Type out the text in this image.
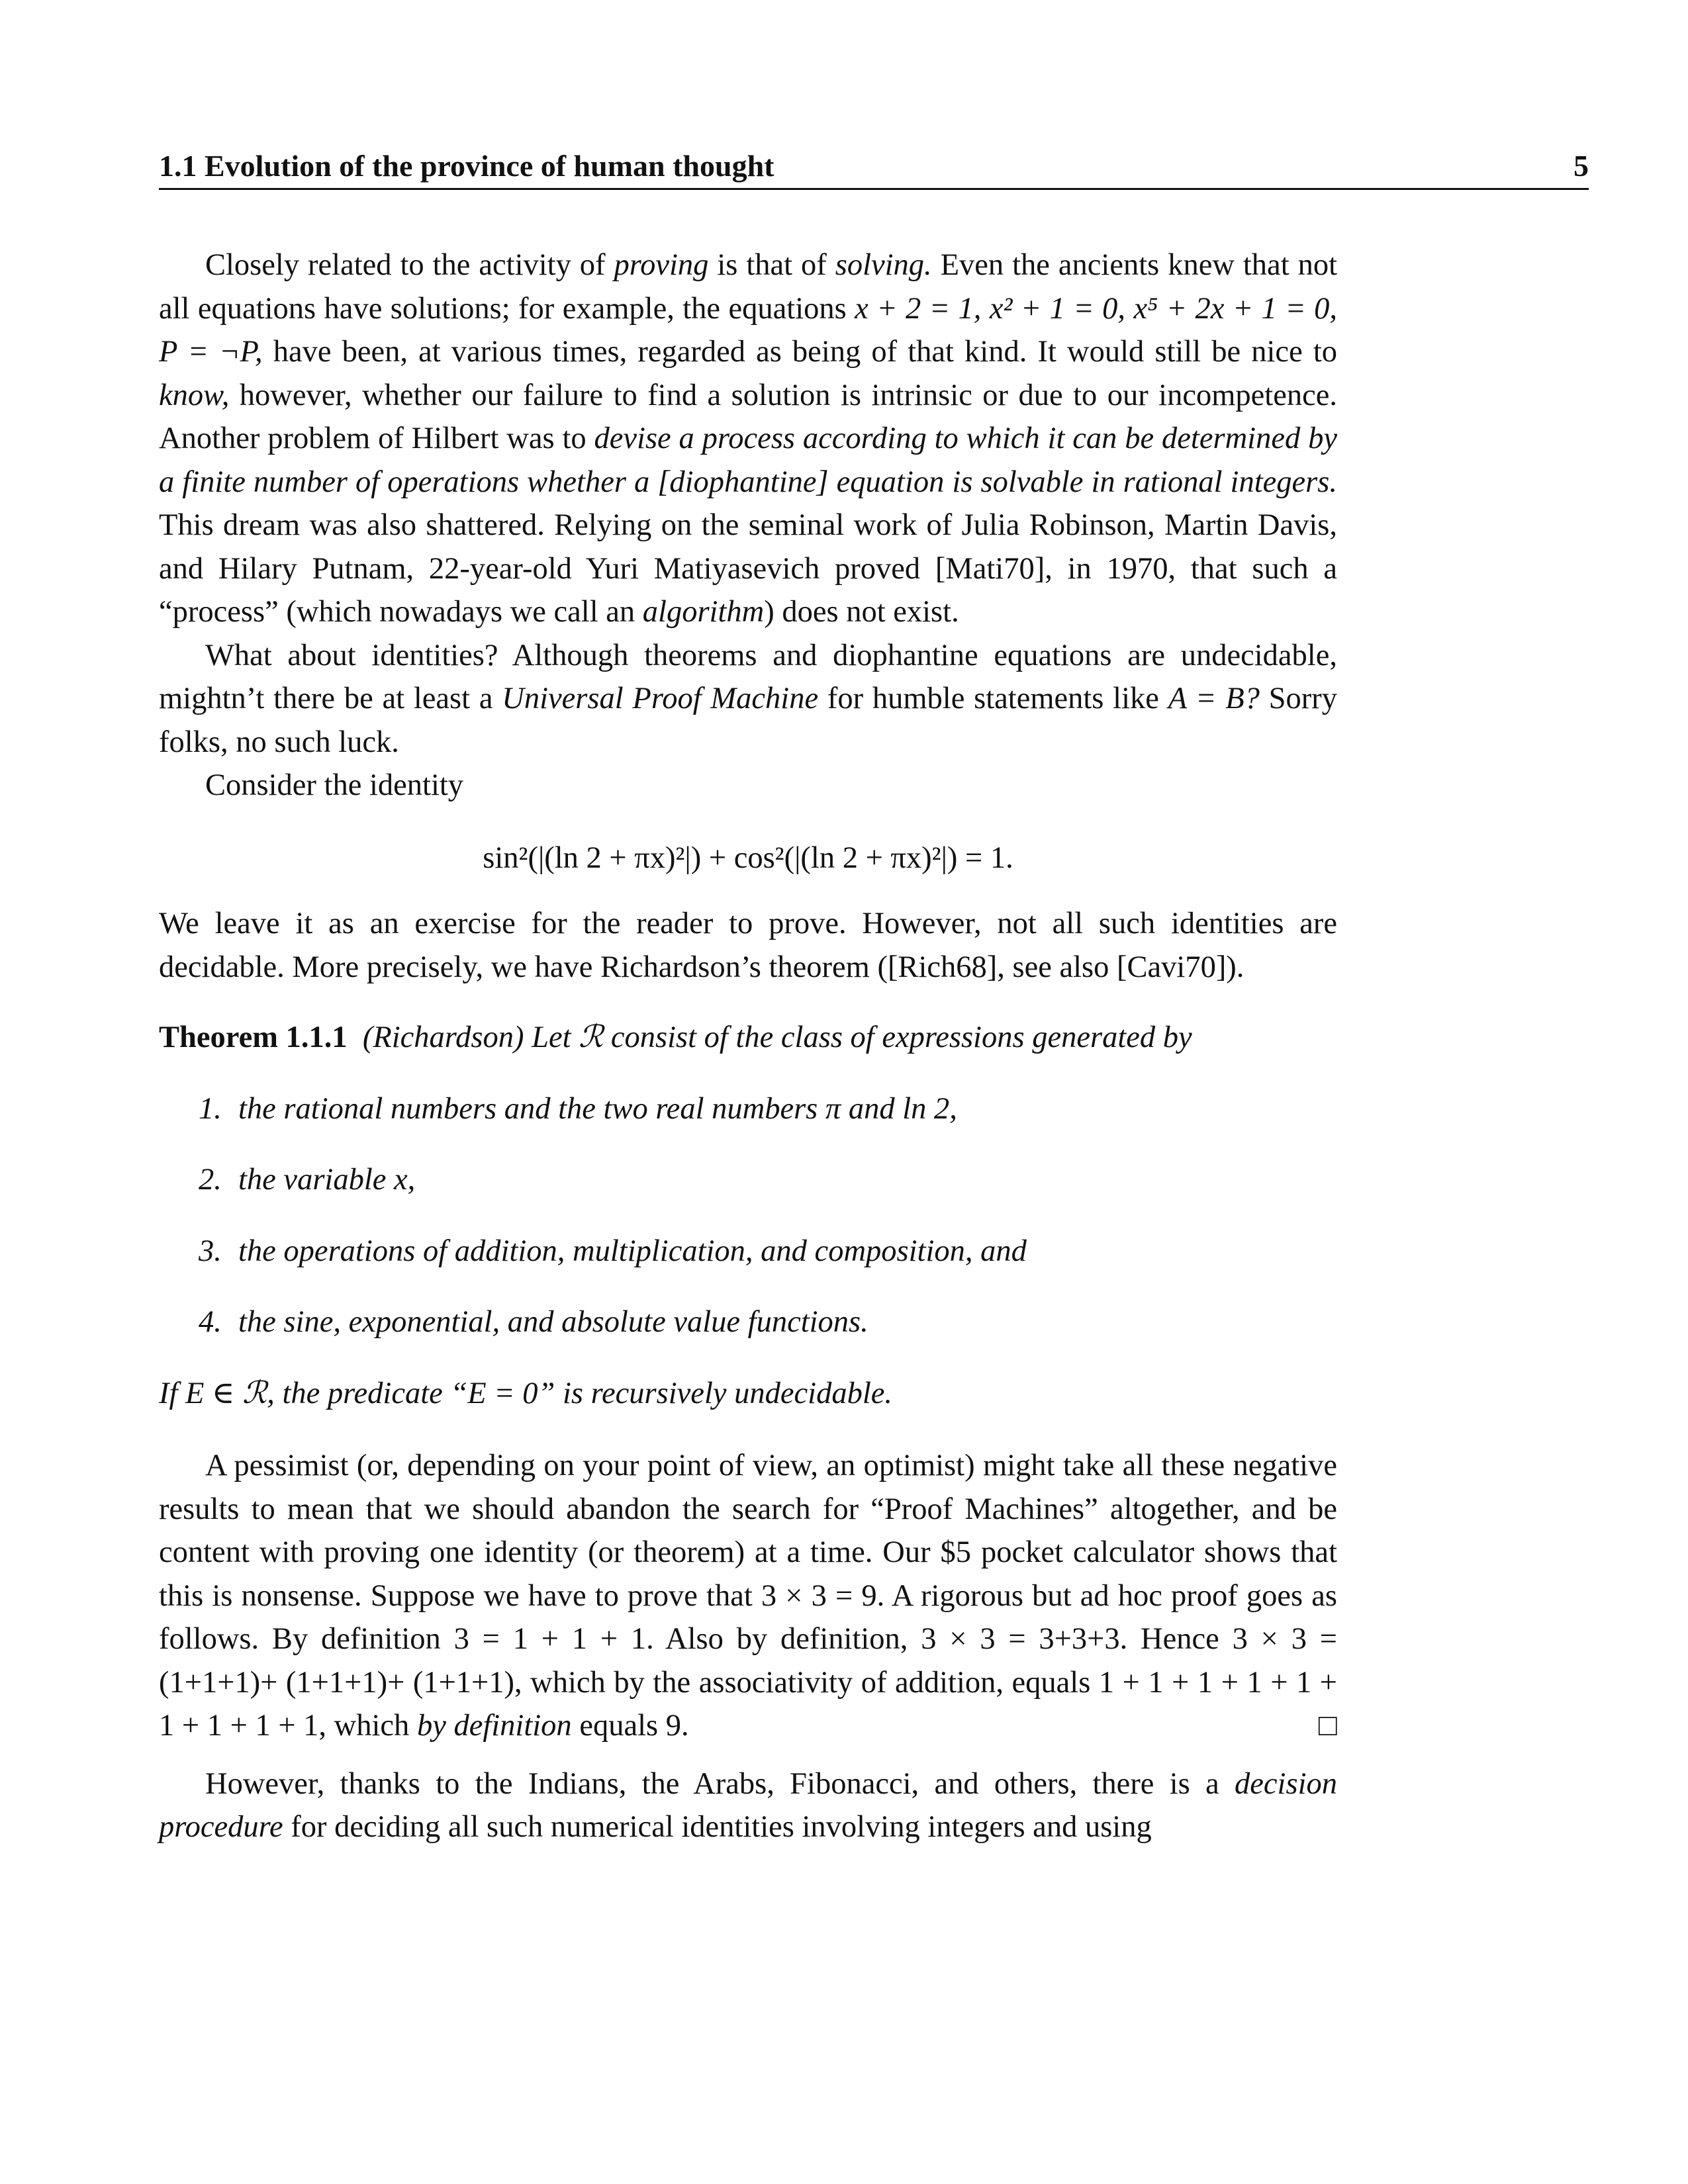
1.1 Evolution of the province of human thought	5

Closely related to the activity of proving is that of solving. Even the ancients knew that not all equations have solutions; for example, the equations x + 2 = 1, x² + 1 = 0, x⁵ + 2x + 1 = 0, P = ¬P, have been, at various times, regarded as being of that kind. It would still be nice to know, however, whether our failure to find a solution is intrinsic or due to our incompetence. Another problem of Hilbert was to devise a process according to which it can be determined by a finite number of operations whether a [diophantine] equation is solvable in rational integers. This dream was also shattered. Relying on the seminal work of Julia Robinson, Martin Davis, and Hilary Putnam, 22-year-old Yuri Matiyasevich proved [Mati70], in 1970, that such a “process” (which nowadays we call an algorithm) does not exist.

What about identities? Although theorems and diophantine equations are undecidable, mightn’t there be at least a Universal Proof Machine for humble statements like A = B? Sorry folks, no such luck.

Consider the identity

sin²(|(ln 2 + πx)²|) + cos²(|(ln 2 + πx)²|) = 1.

We leave it as an exercise for the reader to prove. However, not all such identities are decidable. More precisely, we have Richardson’s theorem ([Rich68], see also [Cavi70]).

Theorem 1.1.1 (Richardson) Let ℛ consist of the class of expressions generated by

1. the rational numbers and the two real numbers π and ln 2,
2. the variable x,
3. the operations of addition, multiplication, and composition, and
4. the sine, exponential, and absolute value functions.

If E ∈ ℛ, the predicate “E = 0” is recursively undecidable.

A pessimist (or, depending on your point of view, an optimist) might take all these negative results to mean that we should abandon the search for “Proof Machines” altogether, and be content with proving one identity (or theorem) at a time. Our $5 pocket calculator shows that this is nonsense. Suppose we have to prove that 3 × 3 = 9. A rigorous but ad hoc proof goes as follows. By definition 3 = 1 + 1 + 1. Also by definition, 3 × 3 = 3+3+3. Hence 3 × 3 = (1+1+1)+ (1+1+1)+ (1+1+1), which by the associativity of addition, equals 1 + 1 + 1 + 1 + 1 + 1 + 1 + 1 + 1, which by definition equals 9.	□

However, thanks to the Indians, the Arabs, Fibonacci, and others, there is a decision procedure for deciding all such numerical identities involving integers and using
